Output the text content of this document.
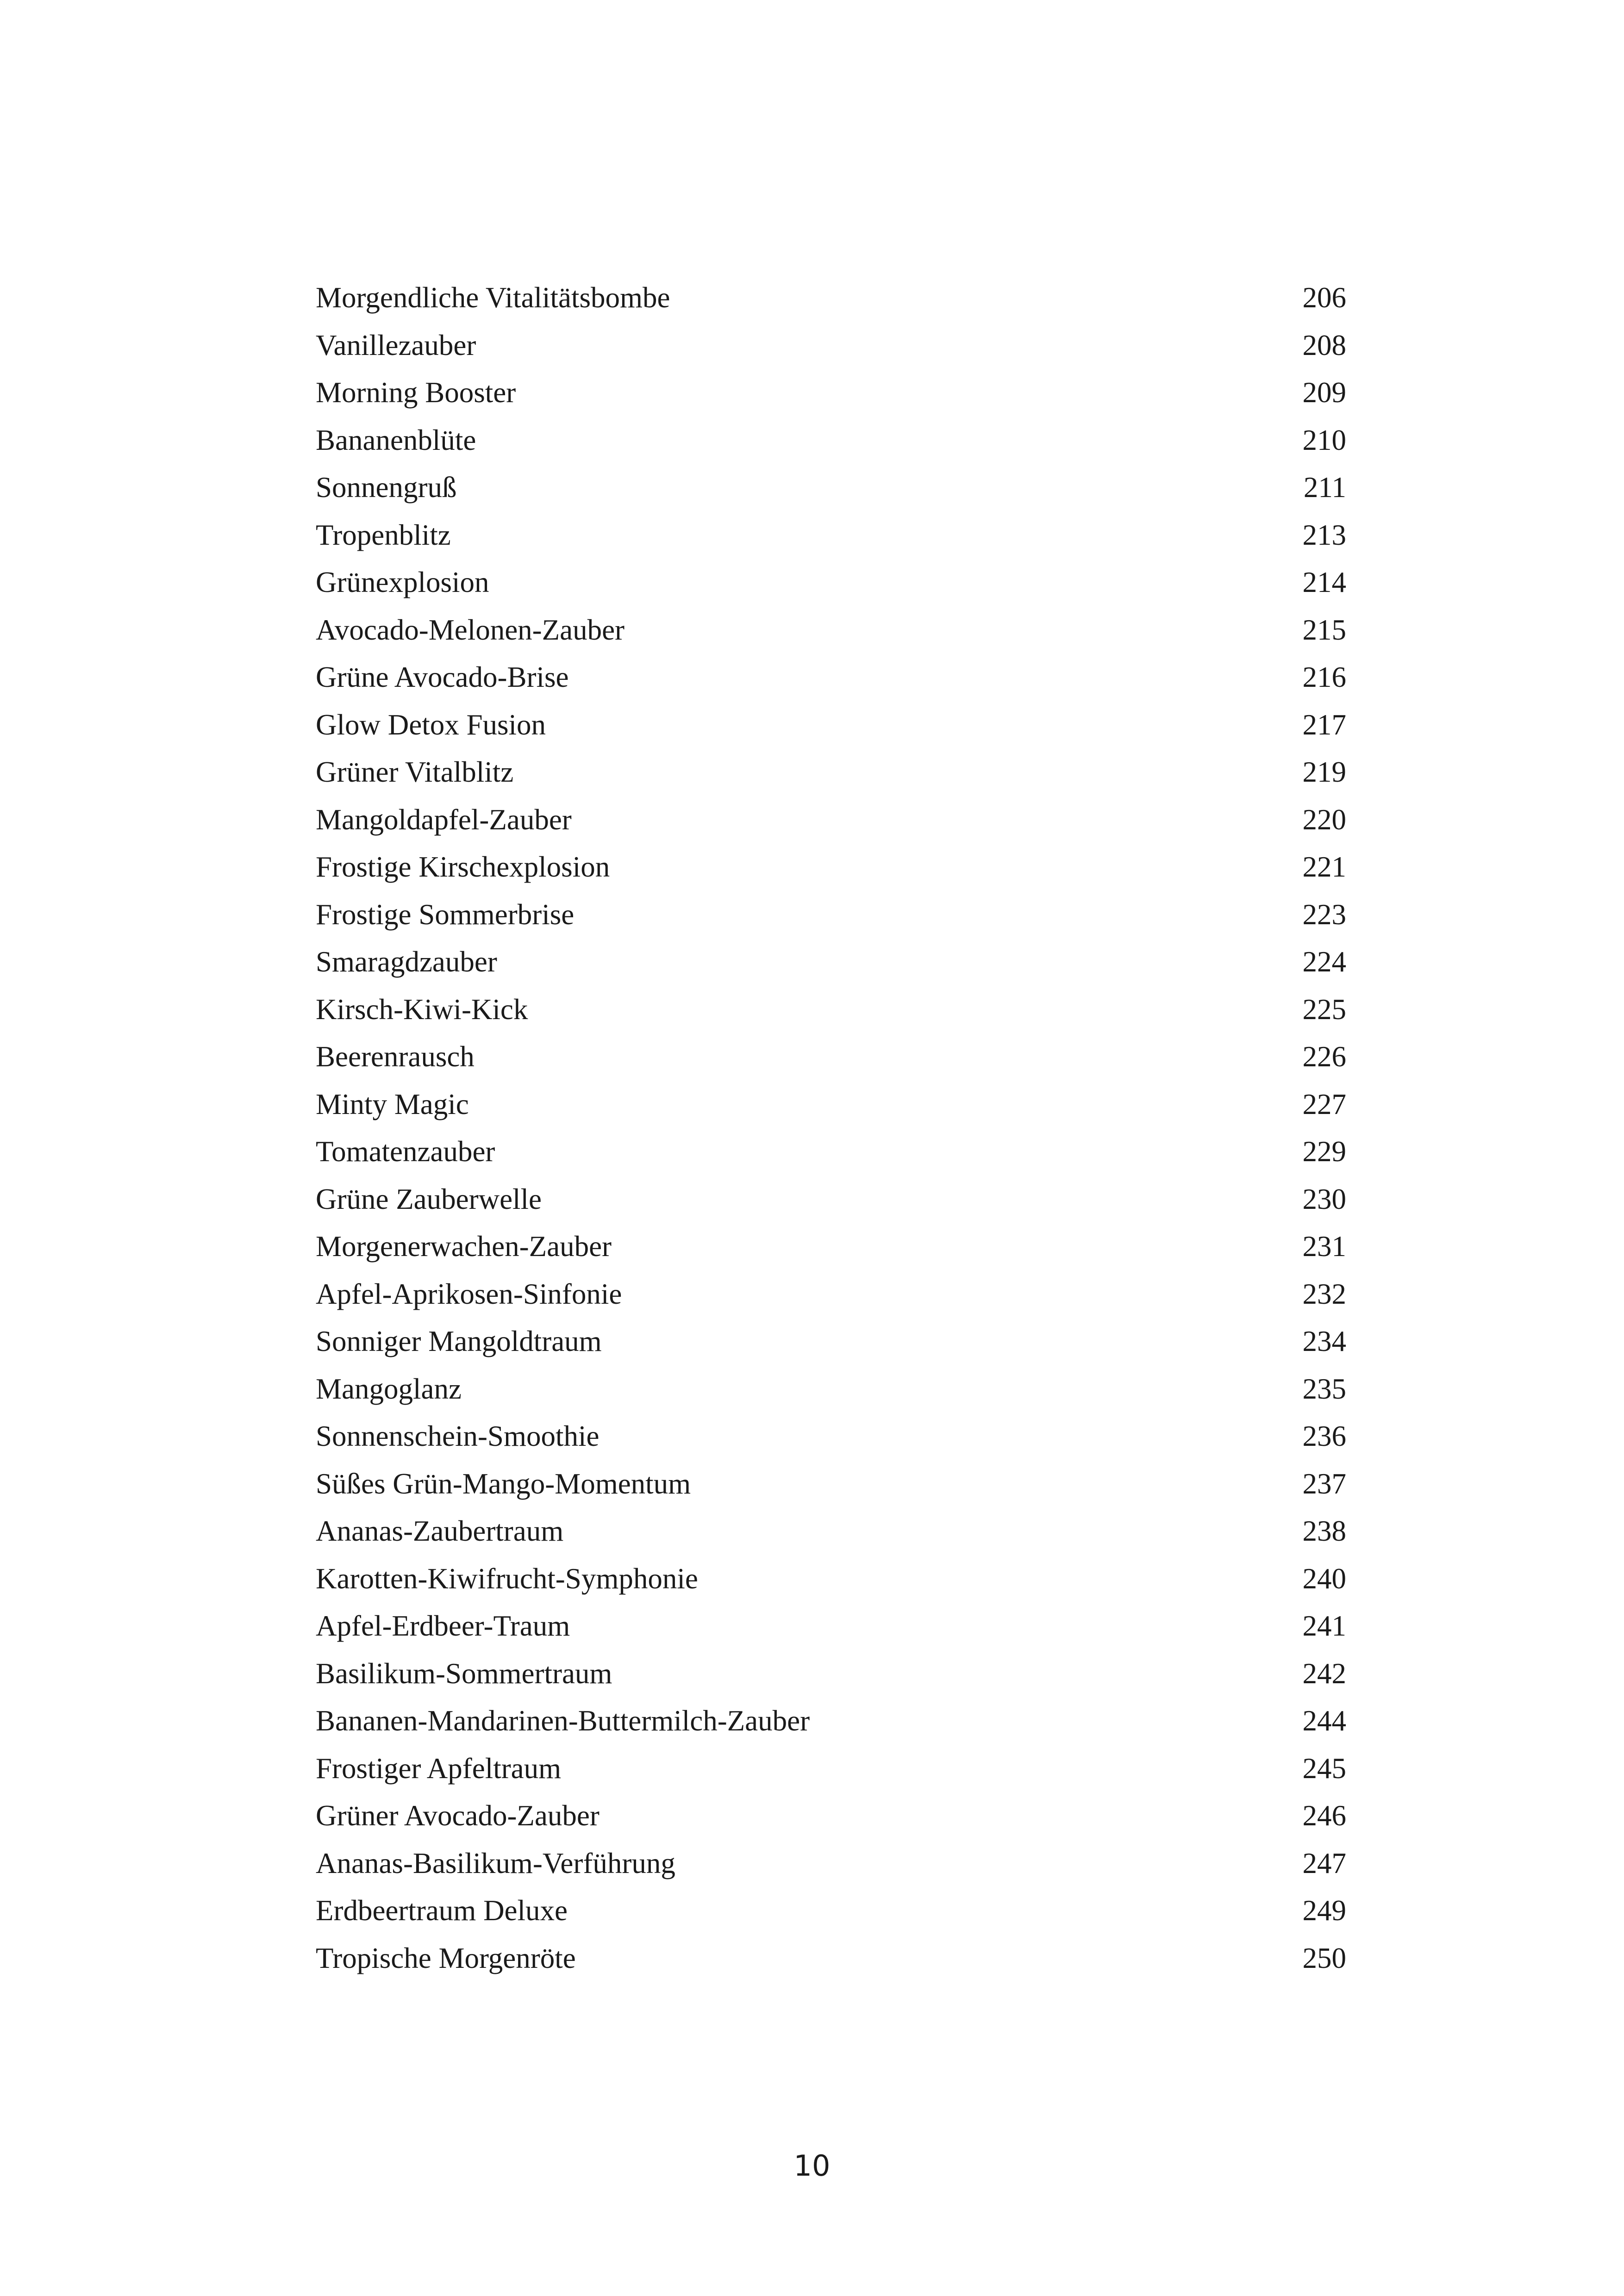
Morgendliche Vitalitätsbombe	206
Vanillezauber	208
Morning Booster	209
Bananenblüte	210
Sonnengruß	211
Tropenblitz	213
Grünexplosion	214
Avocado-Melonen-Zauber	215
Grüne Avocado-Brise	216
Glow Detox Fusion	217
Grüner Vitalblitz	219
Mangoldapfel-Zauber	220
Frostige Kirschexplosion	221
Frostige Sommerbrise	223
Smaragdzauber	224
Kirsch-Kiwi-Kick	225
Beerenrausch	226
Minty Magic	227
Tomatenzauber	229
Grüne Zauberwelle	230
Morgenerwachen-Zauber	231
Apfel-Aprikosen-Sinfonie	232
Sonniger Mangoldtraum	234
Mangoglanz	235
Sonnenschein-Smoothie	236
Süßes Grün-Mango-Momentum	237
Ananas-Zaubertraum	238
Karotten-Kiwifrucht-Symphonie	240
Apfel-Erdbeer-Traum	241
Basilikum-Sommertraum	242
Bananen-Mandarinen-Buttermilch-Zauber	244
Frostiger Apfeltraum	245
Grüner Avocado-Zauber	246
Ananas-Basilikum-Verführung	247
Erdbeertraum Deluxe	249
Tropische Morgenröte	250
10
